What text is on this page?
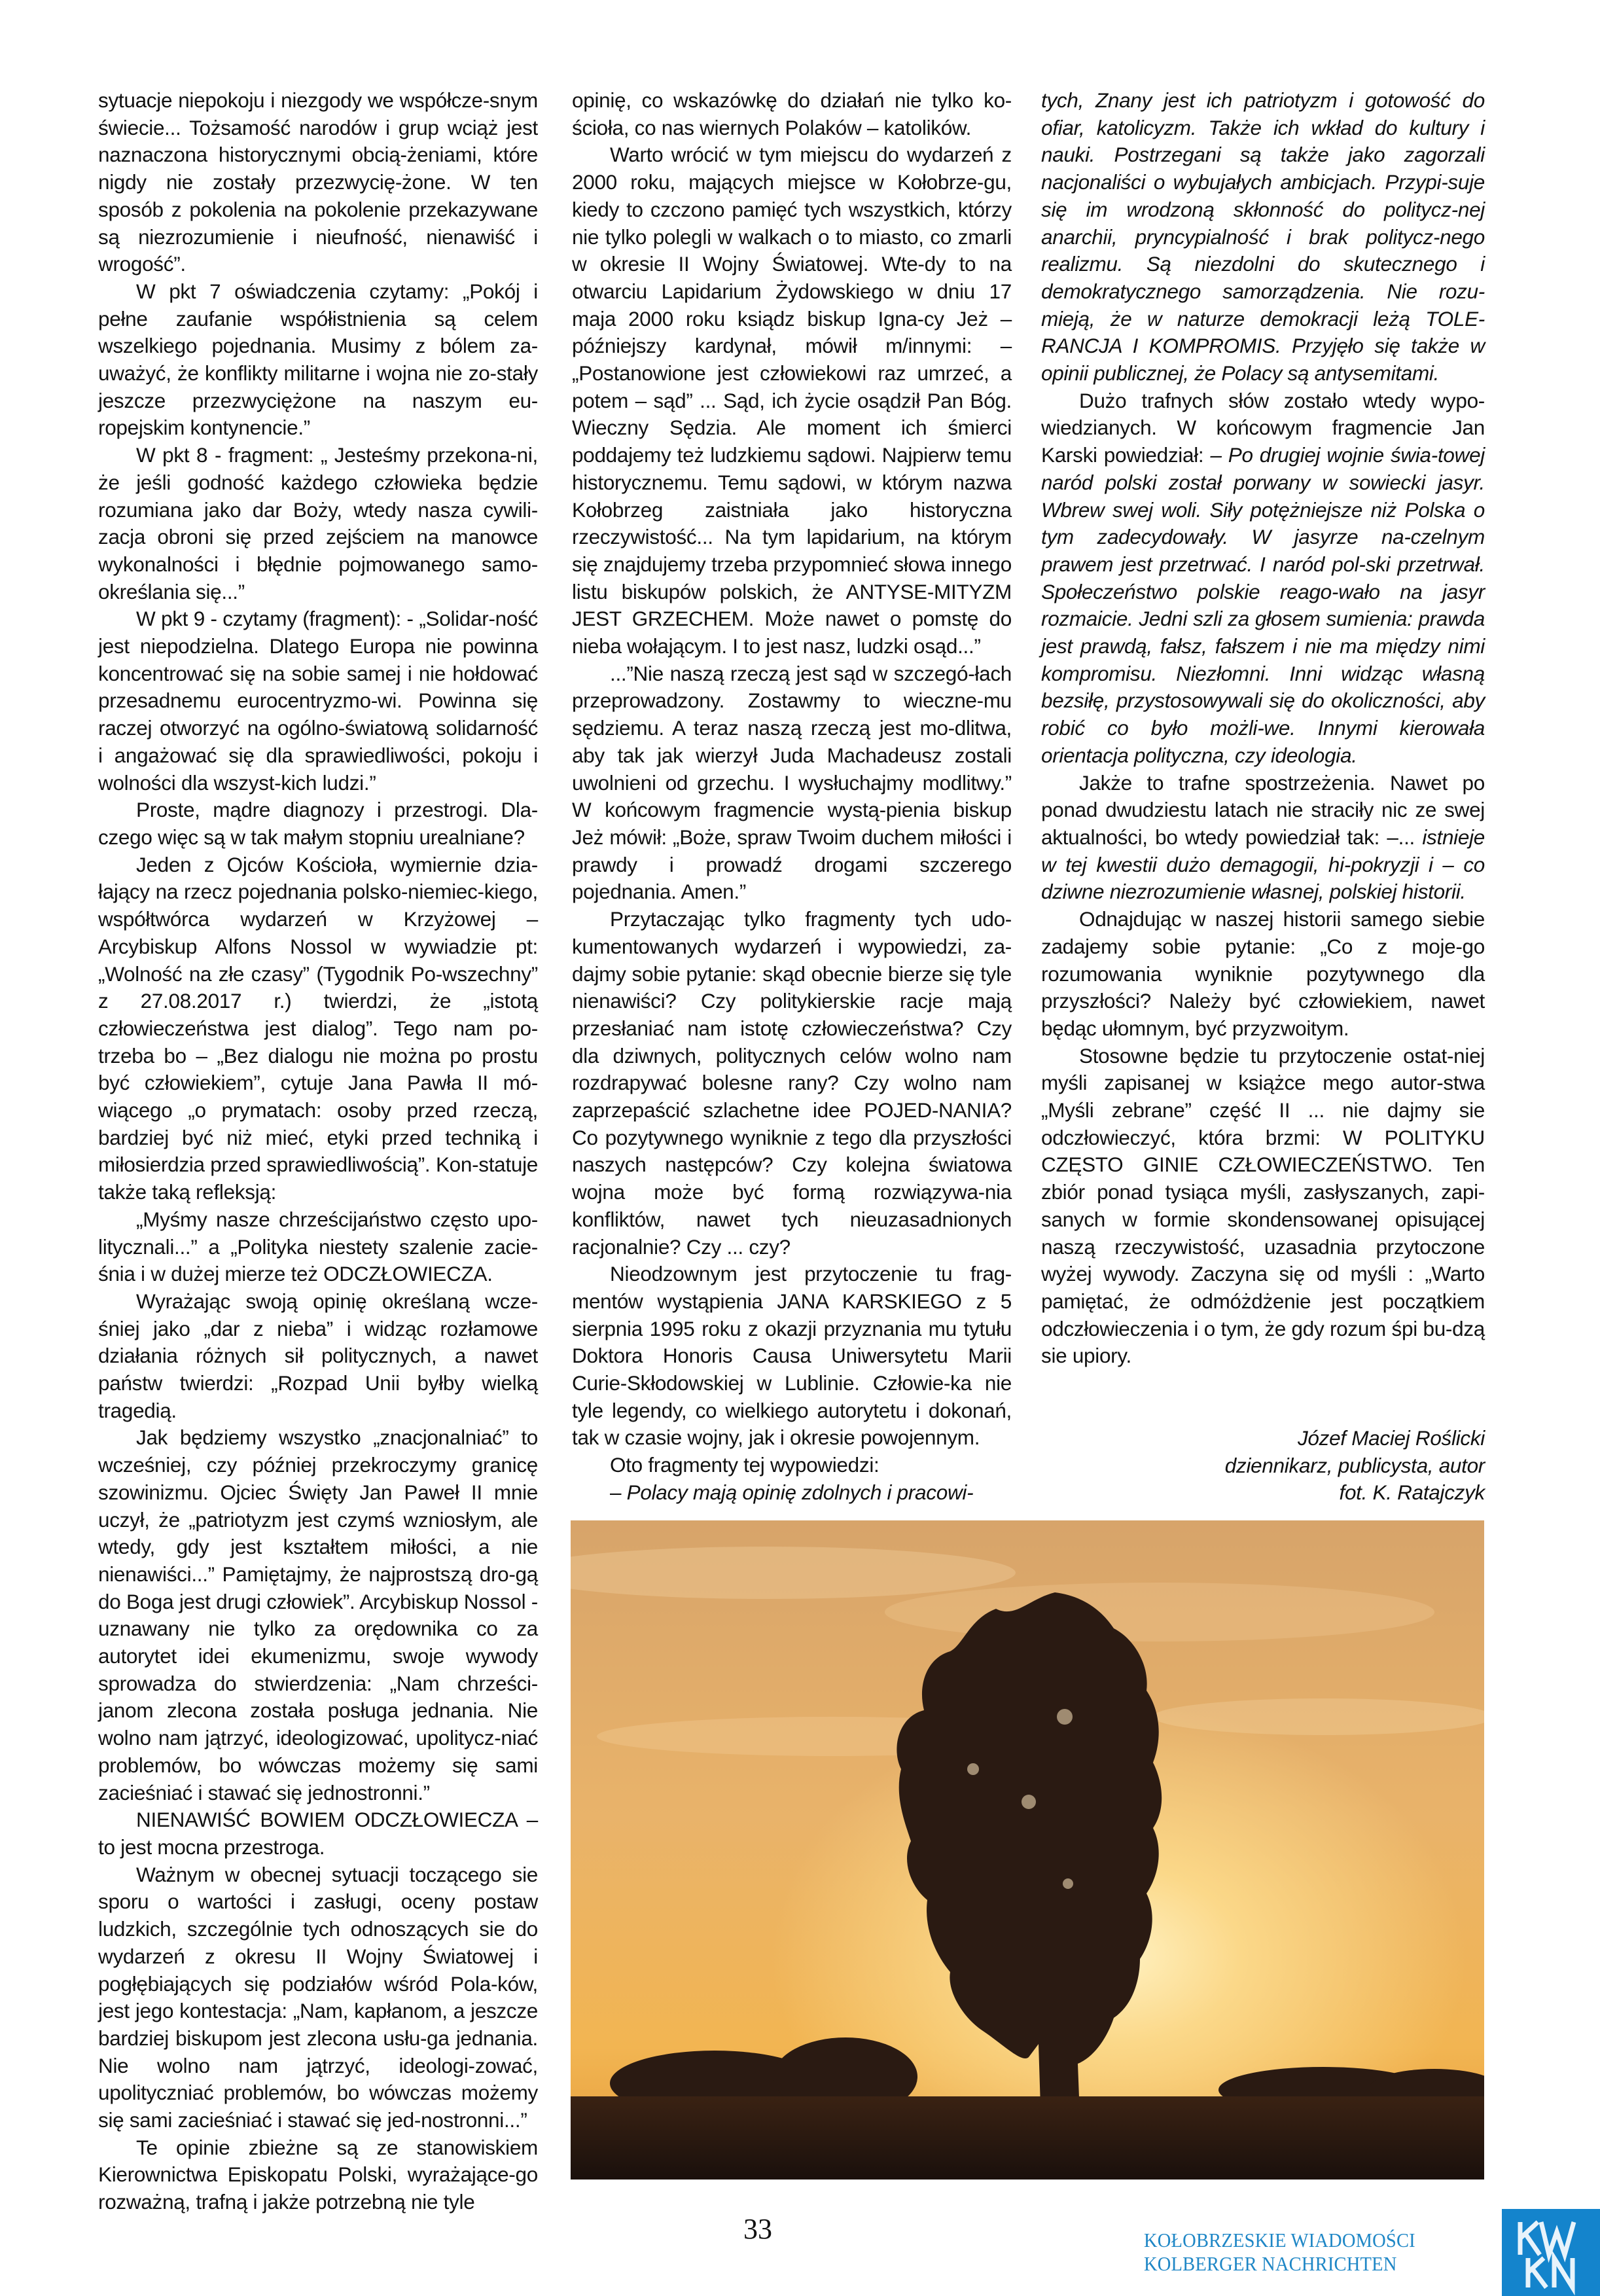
sytuacje niepokoju i niezgody we współcze-snym świecie... Tożsamość narodów i grup wciąż jest naznaczona historycznymi obcią-żeniami, które nigdy nie zostały przezwycię-żone. W ten sposób z pokolenia na pokolenie przekazywane są niezrozumienie i nieufność, nienawiść i wrogość”.

W pkt 7 oświadczenia czytamy: „Pokój i pełne zaufanie współistnienia są celem wszelkiego pojednania. Musimy z bólem za-uważyć, że konflikty militarne i wojna nie zo-stały jeszcze przezwyciężone na naszym eu-ropejskim kontynencie.”

W pkt 8 - fragment: „ Jesteśmy przekona-ni, że jeśli godność każdego człowieka będzie rozumiana jako dar Boży, wtedy nasza cywili-zacja obroni się przed zejściem na manowce wykonalności i błędnie pojmowanego samo-określania się...”

W pkt 9 - czytamy (fragment): - „Solidar-ność jest niepodzielna. Dlatego Europa nie powinna koncentrować się na sobie samej i nie hołdować przesadnemu eurocentryzmo-wi. Powinna się raczej otworzyć na ogólno-światową solidarność i angażować się dla sprawiedliwości, pokoju i wolności dla wszyst-kich ludzi.”

Proste, mądre diagnozy i przestrogi. Dla-czego więc są w tak małym stopniu urealniane?

Jeden z Ojców Kościoła, wymiernie dzia-łający na rzecz pojednania polsko-niemiec-kiego, współtwórca wydarzeń w Krzyżowej – Arcybiskup Alfons Nossol w wywiadzie pt: „Wolność na złe czasy” (Tygodnik Po-wszechny” z 27.08.2017 r.) twierdzi, że „istotą człowieczeństwa jest dialog”. Tego nam po-trzeba bo – „Bez dialogu nie można po prostu być człowiekiem”, cytuje Jana Pawła II mó-wiącego „o prymatach: osoby przed rzeczą, bardziej być niż mieć, etyki przed techniką i miłosierdzia przed sprawiedliwością”. Kon-statuje także taką refleksją:

„Myśmy nasze chrześcijaństwo często upo-litycznali...” a „Polityka niestety szalenie zacie-śnia i w dużej mierze też ODCZŁOWIECZA.

Wyrażając swoją opinię określaną wcze-śniej jako „dar z nieba” i widząc rozłamowe działania różnych sił politycznych, a nawet państw twierdzi: „Rozpad Unii byłby wielką tragedią.

Jak będziemy wszystko „znacjonalniać” to wcześniej, czy później przekroczymy granicę szowinizmu. Ojciec Święty Jan Paweł II mnie uczył, że „patriotyzm jest czymś wzniosłym, ale wtedy, gdy jest kształtem miłości, a nie nienawiści...” Pamiętajmy, że najprostszą dro-gą do Boga jest drugi człowiek”. Arcybiskup Nossol - uznawany nie tylko za orędownika co za autorytet idei ekumenizmu, swoje wywody sprowadza do stwierdzenia: „Nam chrześci-janom zlecona została posługa jednania. Nie wolno nam jątrzyć, ideologizować, upolitycz-niać problemów, bo wówczas możemy się sami zacieśniać i stawać się jednostronni.”

NIENAWIŚĆ BOWIEM ODCZŁOWIECZA – to jest mocna przestroga.

Ważnym w obecnej sytuacji toczącego sie sporu o wartości i zasługi, oceny postaw ludzkich, szczególnie tych odnoszących sie do wydarzeń z okresu II Wojny Światowej i pogłębiających się podziałów wśród Pola-ków, jest jego kontestacja: „Nam, kapłanom, a jeszcze bardziej biskupom jest zlecona usłu-ga jednania. Nie wolno nam jątrzyć, ideologi-zować, upolityczniać problemów, bo wówczas możemy się sami zacieśniać i stawać się jed-nostronni...”

Te opinie zbieżne są ze stanowiskiem Kierownictwa Episkopatu Polski, wyrażające-go rozważną, trafną i jakże potrzebną nie tyle

opinię, co wskazówkę do działań nie tylko ko-ścioła, co nas wiernych Polaków – katolików.

Warto wrócić w tym miejscu do wydarzeń z 2000 roku, mających miejsce w Kołobrze-gu, kiedy to czczono pamięć tych wszystkich, którzy nie tylko polegli w walkach o to miasto, co zmarli w okresie II Wojny Światowej. Wte-dy to na otwarciu Lapidarium Żydowskiego w dniu 17 maja 2000 roku ksiądz biskup Igna-cy Jeż – późniejszy kardynał, mówił m/innymi: – „Postanowione jest człowiekowi raz umrzeć, a potem – sąd” ... Sąd, ich życie osądził Pan Bóg. Wieczny Sędzia. Ale moment ich śmierci poddajemy też ludzkiemu sądowi. Najpierw temu historycznemu. Temu sądowi, w którym nazwa Kołobrzeg zaistniała jako historyczna rzeczywistość... Na tym lapidarium, na którym się znajdujemy trzeba przypomnieć słowa innego listu biskupów polskich, że ANTYSE-MITYZM JEST GRZECHEM. Może nawet o pomstę do nieba wołającym. I to jest nasz, ludzki osąd...”

...”Nie naszą rzeczą jest sąd w szczegó-łach przeprowadzony. Zostawmy to wieczne-mu sędziemu. A teraz naszą rzeczą jest mo-dlitwa, aby tak jak wierzył Juda Machadeusz zostali uwolnieni od grzechu. I wysłuchajmy modlitwy.” W końcowym fragmencie wystą-pienia biskup Jeż mówił: „Boże, spraw Twoim duchem miłości i prawdy i prowadź drogami szczerego pojednania. Amen.”

Przytaczając tylko fragmenty tych udo-kumentowanych wydarzeń i wypowiedzi, za-dajmy sobie pytanie: skąd obecnie bierze się tyle nienawiści? Czy politykierskie racje mają przesłaniać nam istotę człowieczeństwa? Czy dla dziwnych, politycznych celów wolno nam rozdrapywać bolesne rany? Czy wolno nam zaprzepaścić szlachetne idee POJED-NANIA? Co pozytywnego wyniknie z tego dla przyszłości naszych następców? Czy kolejna światowa wojna może być formą rozwiązywa-nia konfliktów, nawet tych nieuzasadnionych racjonalnie? Czy ... czy?

Nieodzownym jest przytoczenie tu frag-mentów wystąpienia JANA KARSKIEGO z 5 sierpnia 1995 roku z okazji przyznania mu tytułu Doktora Honoris Causa Uniwersytetu Marii Curie-Skłodowskiej w Lublinie. Człowie-ka nie tyle legendy, co wielkiego autorytetu i dokonań, tak w czasie wojny, jak i okresie powojennym.

Oto fragmenty tej wypowiedzi:

– Polacy mają opinię zdolnych i pracowi-

tych, Znany jest ich patriotyzm i gotowość do ofiar, katolicyzm. Także ich wkład do kultury i nauki. Postrzegani są także jako zagorzali nacjonaliści o wybujałych ambicjach. Przypi-suje się im wrodzoną skłonność do politycz-nej anarchii, pryncypialność i brak politycz-nego realizmu. Są niezdolni do skutecznego i demokratycznego samorządzenia. Nie rozu-mieją, że w naturze demokracji leżą TOLE-RANCJA I KOMPROMIS. Przyjęło się także w opinii publicznej, że Polacy są antysemitami.

Dużo trafnych słów zostało wtedy wypo-wiedzianych. W końcowym fragmencie Jan Karski powiedział: – Po drugiej wojnie świa-towej naród polski został porwany w sowiecki jasyr. Wbrew swej woli. Siły potężniejsze niż Polska o tym zadecydowały. W jasyrze na-czelnym prawem jest przetrwać. I naród pol-ski przetrwał. Społeczeństwo polskie reago-wało na jasyr rozmaicie. Jedni szli za głosem sumienia: prawda jest prawdą, fałsz, fałszem i nie ma między nimi kompromisu. Niezłomni. Inni widząc własną bezsiłę, przystosowywali się do okoliczności, aby robić co było możli-we. Innymi kierowała orientacja polityczna, czy ideologia.

Jakże to trafne spostrzeżenia. Nawet po ponad dwudziestu latach nie straciły nic ze swej aktualności, bo wtedy powiedział tak: –... istnieje w tej kwestii dużo demagogii, hi-pokryzji i – co dziwne niezrozumienie własnej, polskiej historii.

Odnajdując w naszej historii samego siebie zadajemy sobie pytanie: „Co z moje-go rozumowania wyniknie pozytywnego dla przyszłości? Należy być człowiekiem, nawet będąc ułomnym, być przyzwoitym.

Stosowne będzie tu przytoczenie ostat-niej myśli zapisanej w książce mego autor-stwa „Myśli zebrane” część II ... nie dajmy sie odczłowieczyć, która brzmi: W POLITYKU CZĘSTO GINIE CZŁOWIECZEŃSTWO. Ten zbiór ponad tysiąca myśli, zasłyszanych, zapi-sanych w formie skondensowanej opisującej naszą rzeczywistość, uzasadnia przytoczone wyżej wywody. Zaczyna się od myśli : „Warto pamiętać, że odmóżdżenie jest początkiem odczłowieczenia i o tym, że gdy rozum śpi bu-dzą sie upiory.

Józef Maciej Roślicki
dziennikarz, publicysta, autor
fot. K. Ratajczyk

33	KOŁOBRZESKIE WIADOMOŚCI
KOLBERGER NACHRICHTEN
